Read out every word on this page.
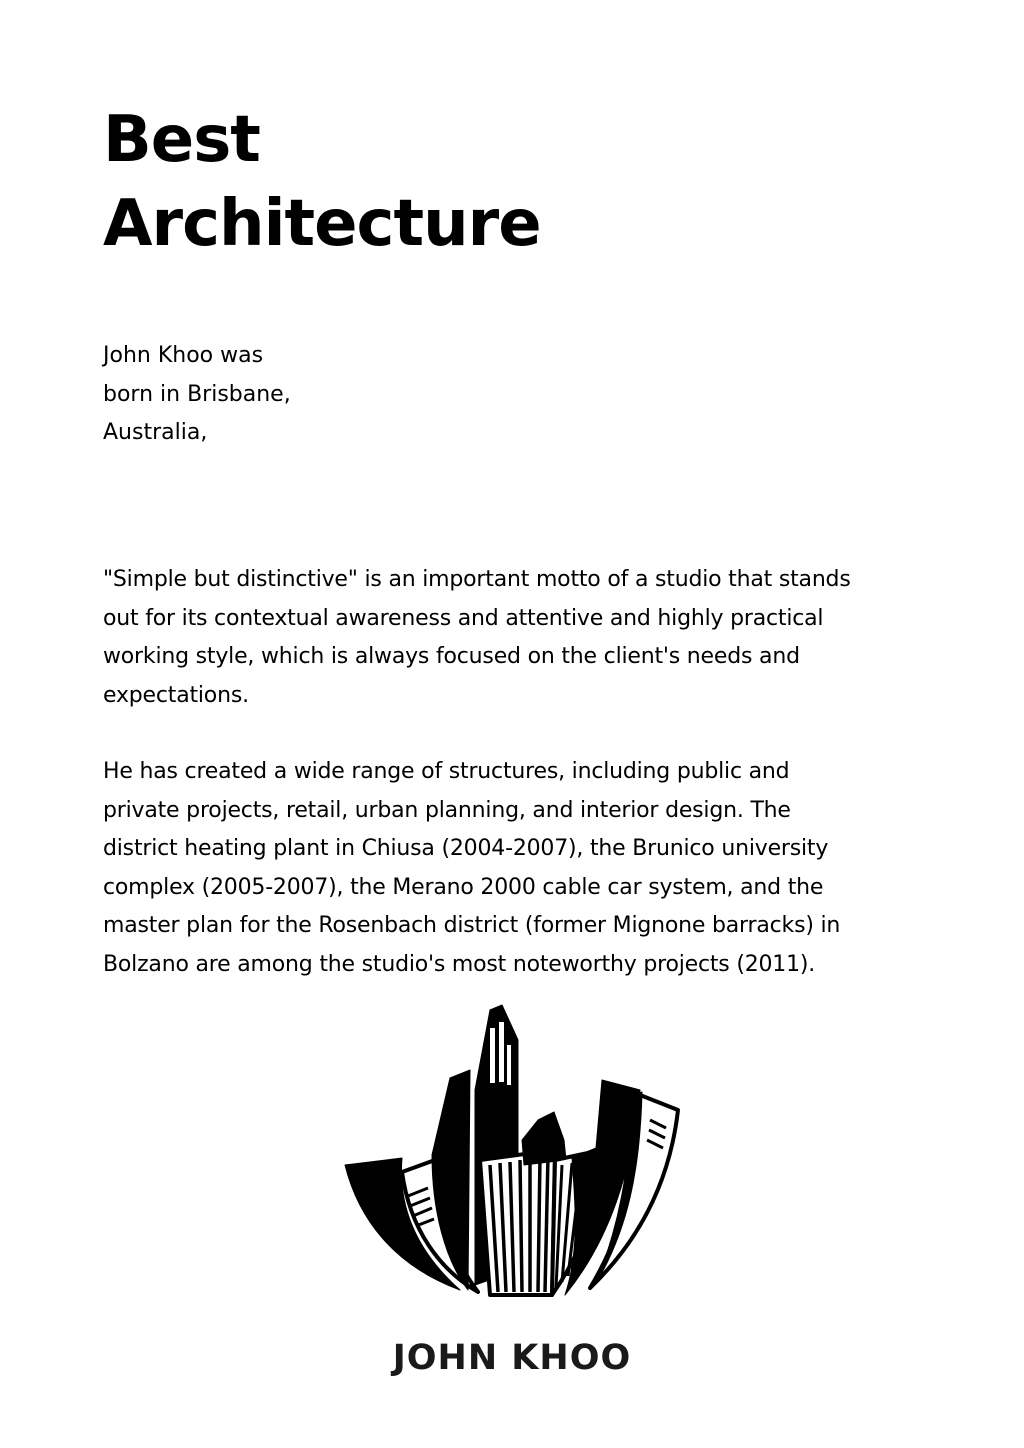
Best
Architecture
John Khoo was
born in Brisbane,
Australia,

"Simple but distinctive" is an important motto of a studio that stands
out for its contextual awareness and attentive and highly practical
working style, which is always focused on the client's needs and
expectations.

He has created a wide range of structures, including public and
private projects, retail, urban planning, and interior design. The
district heating plant in Chiusa (2004-2007), the Brunico university
complex (2005-2007), the Merano 2000 cable car system, and the
master plan for the Rosenbach district (former Mignone barracks) in
Bolzano are among the studio's most noteworthy projects (2011).

JOHN KHOO
